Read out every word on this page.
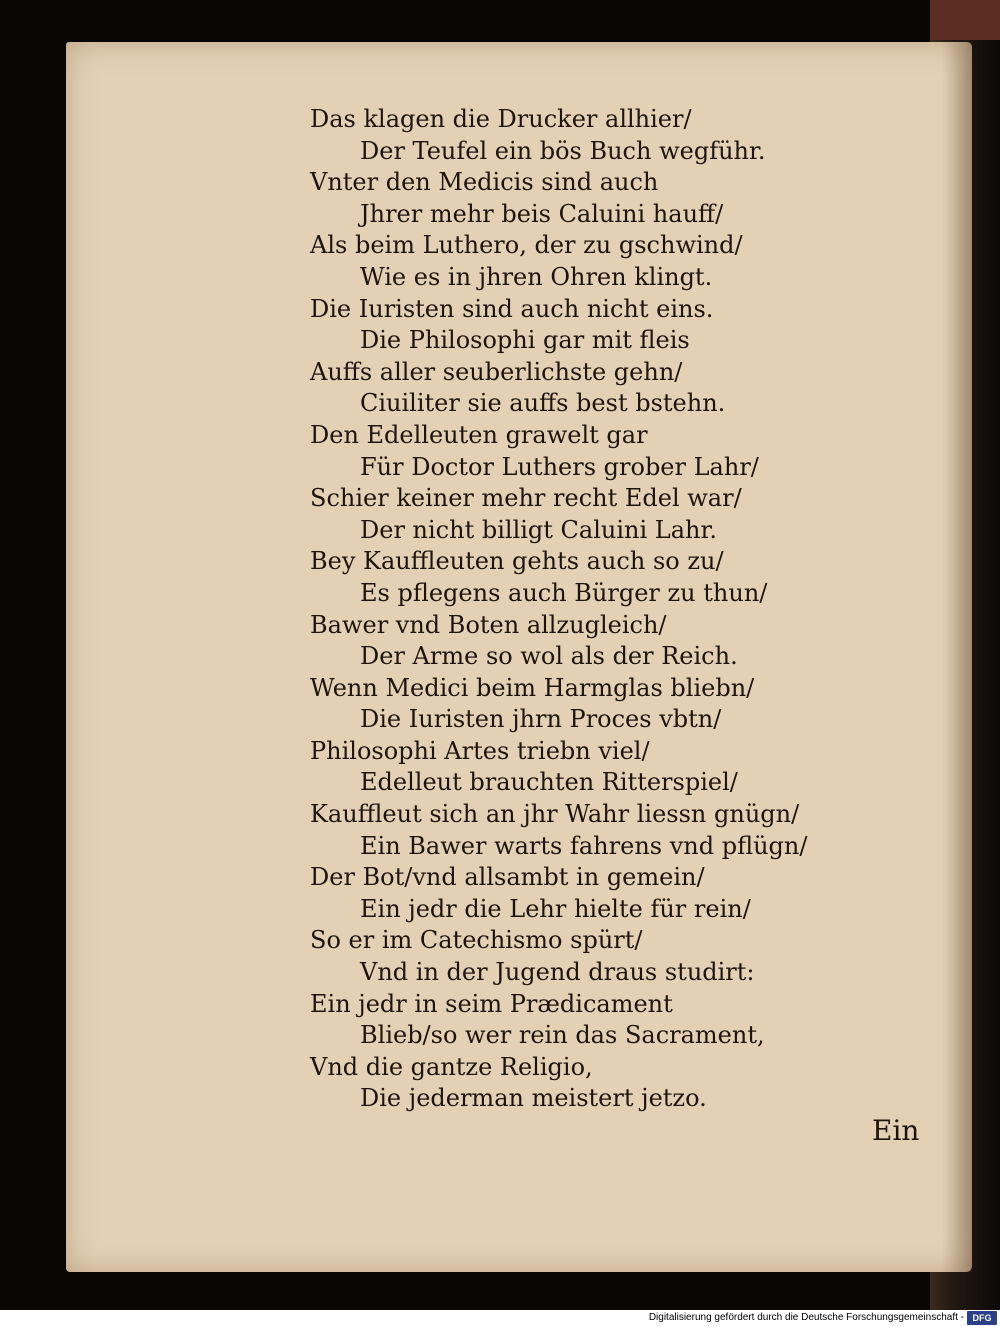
Das klagen die Drucker allhier/
Der Teufel ein bös Buch wegführ.
Vnter den Medicis sind auch
Jhrer mehr beis Caluini hauff/
Als beim Luthero, der zu gschwind/
Wie es in jhren Ohren klingt.
Die Iuristen sind auch nicht eins.
Die Philosophi gar mit fleis
Auffs aller seuberlichste gehn/
Ciuiliter sie auffs best bstehn.
Den Edelleuten grawelt gar
Für Doctor Luthers grober Lahr/
Schier keiner mehr recht Edel war/
Der nicht billigt Caluini Lahr.
Bey Kauffleuten gehts auch so zu/
Es pflegens auch Bürger zu thun/
Bawer vnd Boten allzugleich/
Der Arme so wol als der Reich.
Wenn Medici beim Harmglas bliebn/
Die Iuristen jhrn Proces vbtn/
Philosophi Artes triebn viel/
Edelleut brauchten Ritterspiel/
Kauffleut sich an jhr Wahr liessn gnügn/
Ein Bawer warts fahrens vnd pflügn/
Der Bot/vnd allsambt in gemein/
Ein jedr die Lehr hielte für rein/
So er im Catechismo spürt/
Vnd in der Jugend draus studirt:
Ein jedr in seim Prædicament
Blieb/so wer rein das Sacrament,
Vnd die gantze Religio,
Die jederman meistert jetzo.
Ein
Digitalisierung gefördert durch die Deutsche Forschungsgemeinschaft - DFG
